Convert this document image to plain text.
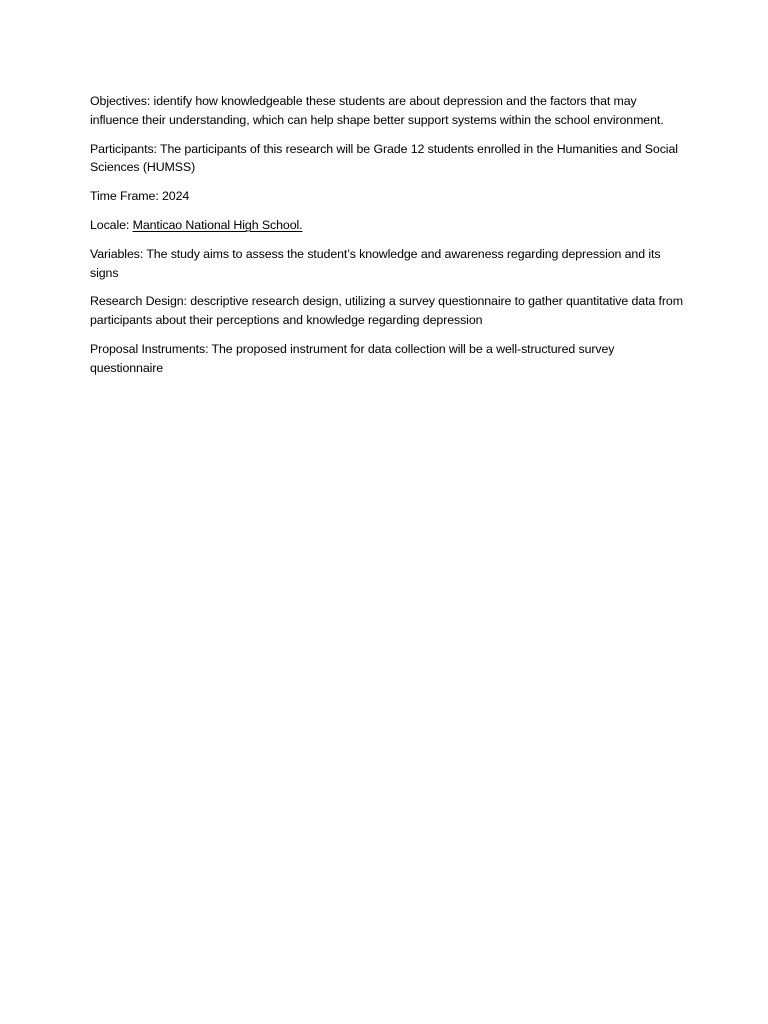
Objectives: identify how knowledgeable these students are about depression and the factors that may influence their understanding, which can help shape better support systems within the school environment.

Participants: The participants of this research will be Grade 12 students enrolled in the Humanities and Social Sciences (HUMSS)

Time Frame: 2024

Locale: Manticao National High School.

Variables: The study aims to assess the student’s knowledge and awareness regarding depression and its signs

Research Design: descriptive research design, utilizing a survey questionnaire to gather quantitative data from participants about their perceptions and knowledge regarding depression

Proposal Instruments: The proposed instrument for data collection will be a well-structured survey questionnaire
